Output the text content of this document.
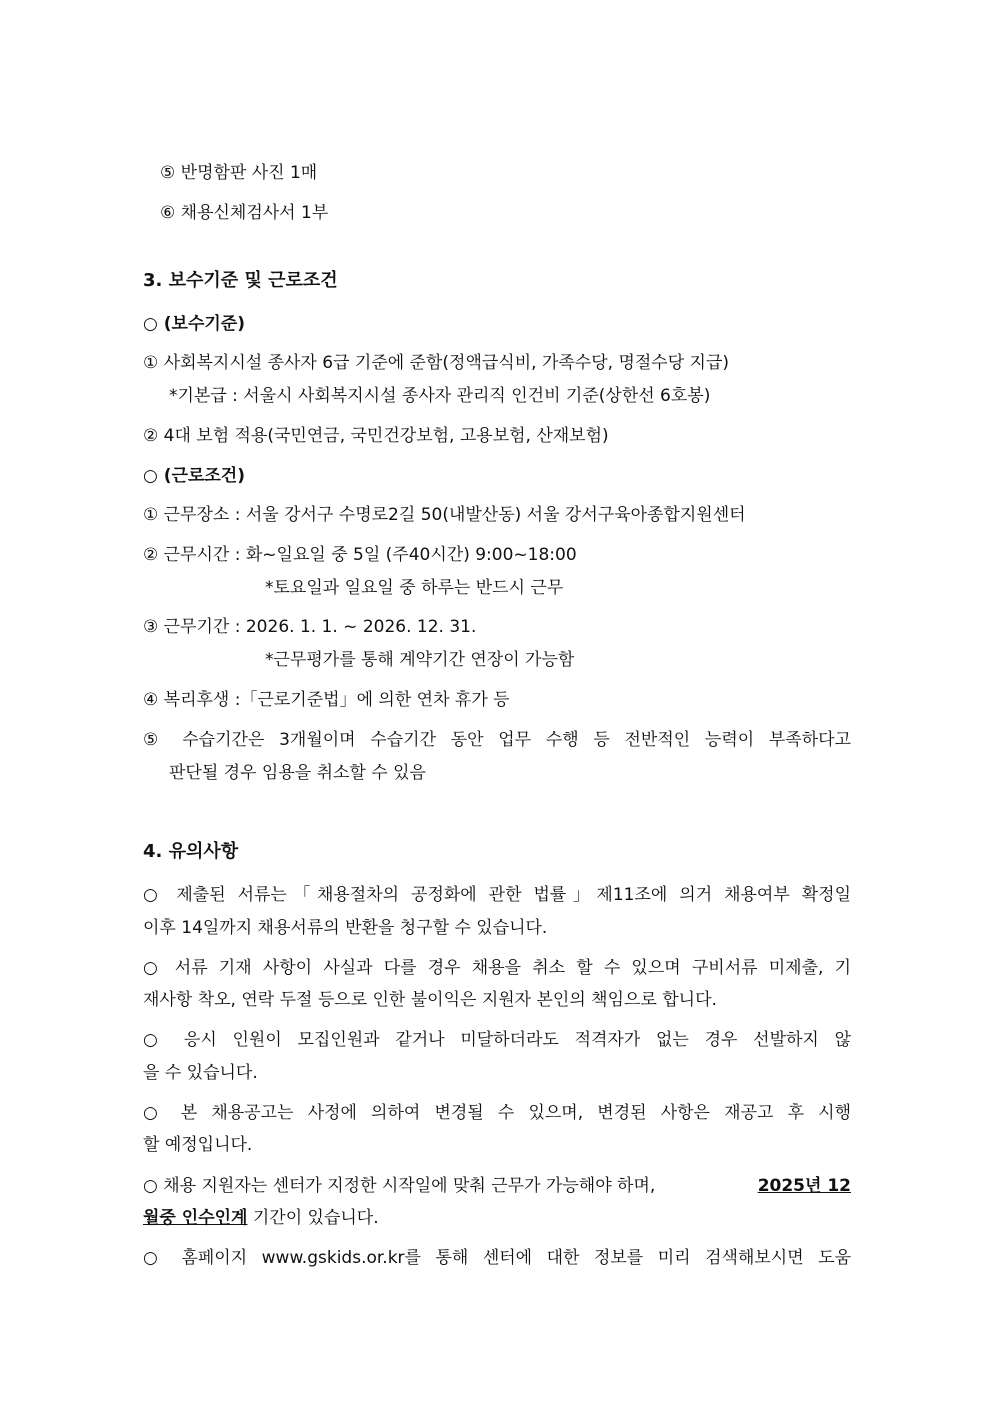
⑤ 반명함판 사진 1매
⑥ 채용신체검사서 1부
3. 보수기준 및 근로조건
○ (보수기준)
① 사회복지시설 종사자 6급 기준에 준함(정액급식비, 가족수당, 명절수당 지급)
*기본급 : 서울시 사회복지시설 종사자 관리직 인건비 기준(상한선 6호봉)
② 4대 보험 적용(국민연금, 국민건강보험, 고용보험, 산재보험)
○ (근로조건)
① 근무장소 : 서울 강서구 수명로2길 50(내발산동) 서울 강서구육아종합지원센터
② 근무시간 : 화~일요일 중 5일 (주40시간) 9:00~18:00
*토요일과 일요일 중 하루는 반드시 근무
③ 근무기간 : 2026. 1. 1. ~ 2026. 12. 31.
*근무평가를 통해 계약기간 연장이 가능함
④ 복리후생 :「근로기준법」에 의한 연차 휴가 등
⑤ 수습기간은 3개월이며 수습기간 동안 업무 수행 등 전반적인 능력이 부족하다고
판단될 경우 임용을 취소할 수 있음
4. 유의사항
○ 제출된 서류는「채용절차의 공정화에 관한 법률」제11조에 의거 채용여부 확정일
이후 14일까지 채용서류의 반환을 청구할 수 있습니다.
○ 서류 기재 사항이 사실과 다를 경우 채용을 취소 할 수 있으며 구비서류 미제출, 기
재사항 착오, 연락 두절 등으로 인한 불이익은 지원자 본인의 책임으로 합니다.
○ 응시 인원이 모집인원과 같거나 미달하더라도 적격자가 없는 경우 선발하지 않
을 수 있습니다.
○ 본 채용공고는 사정에 의하여 변경될 수 있으며, 변경된 사항은 재공고 후 시행
할 예정입니다.
○ 채용 지원자는 센터가 지정한 시작일에 맞춰 근무가 가능해야 하며,	2025년 12
월중 인수인계 기간이 있습니다.
○ 홈페이지 www.gskids.or.kr를 통해 센터에 대한 정보를 미리 검색해보시면 도움
